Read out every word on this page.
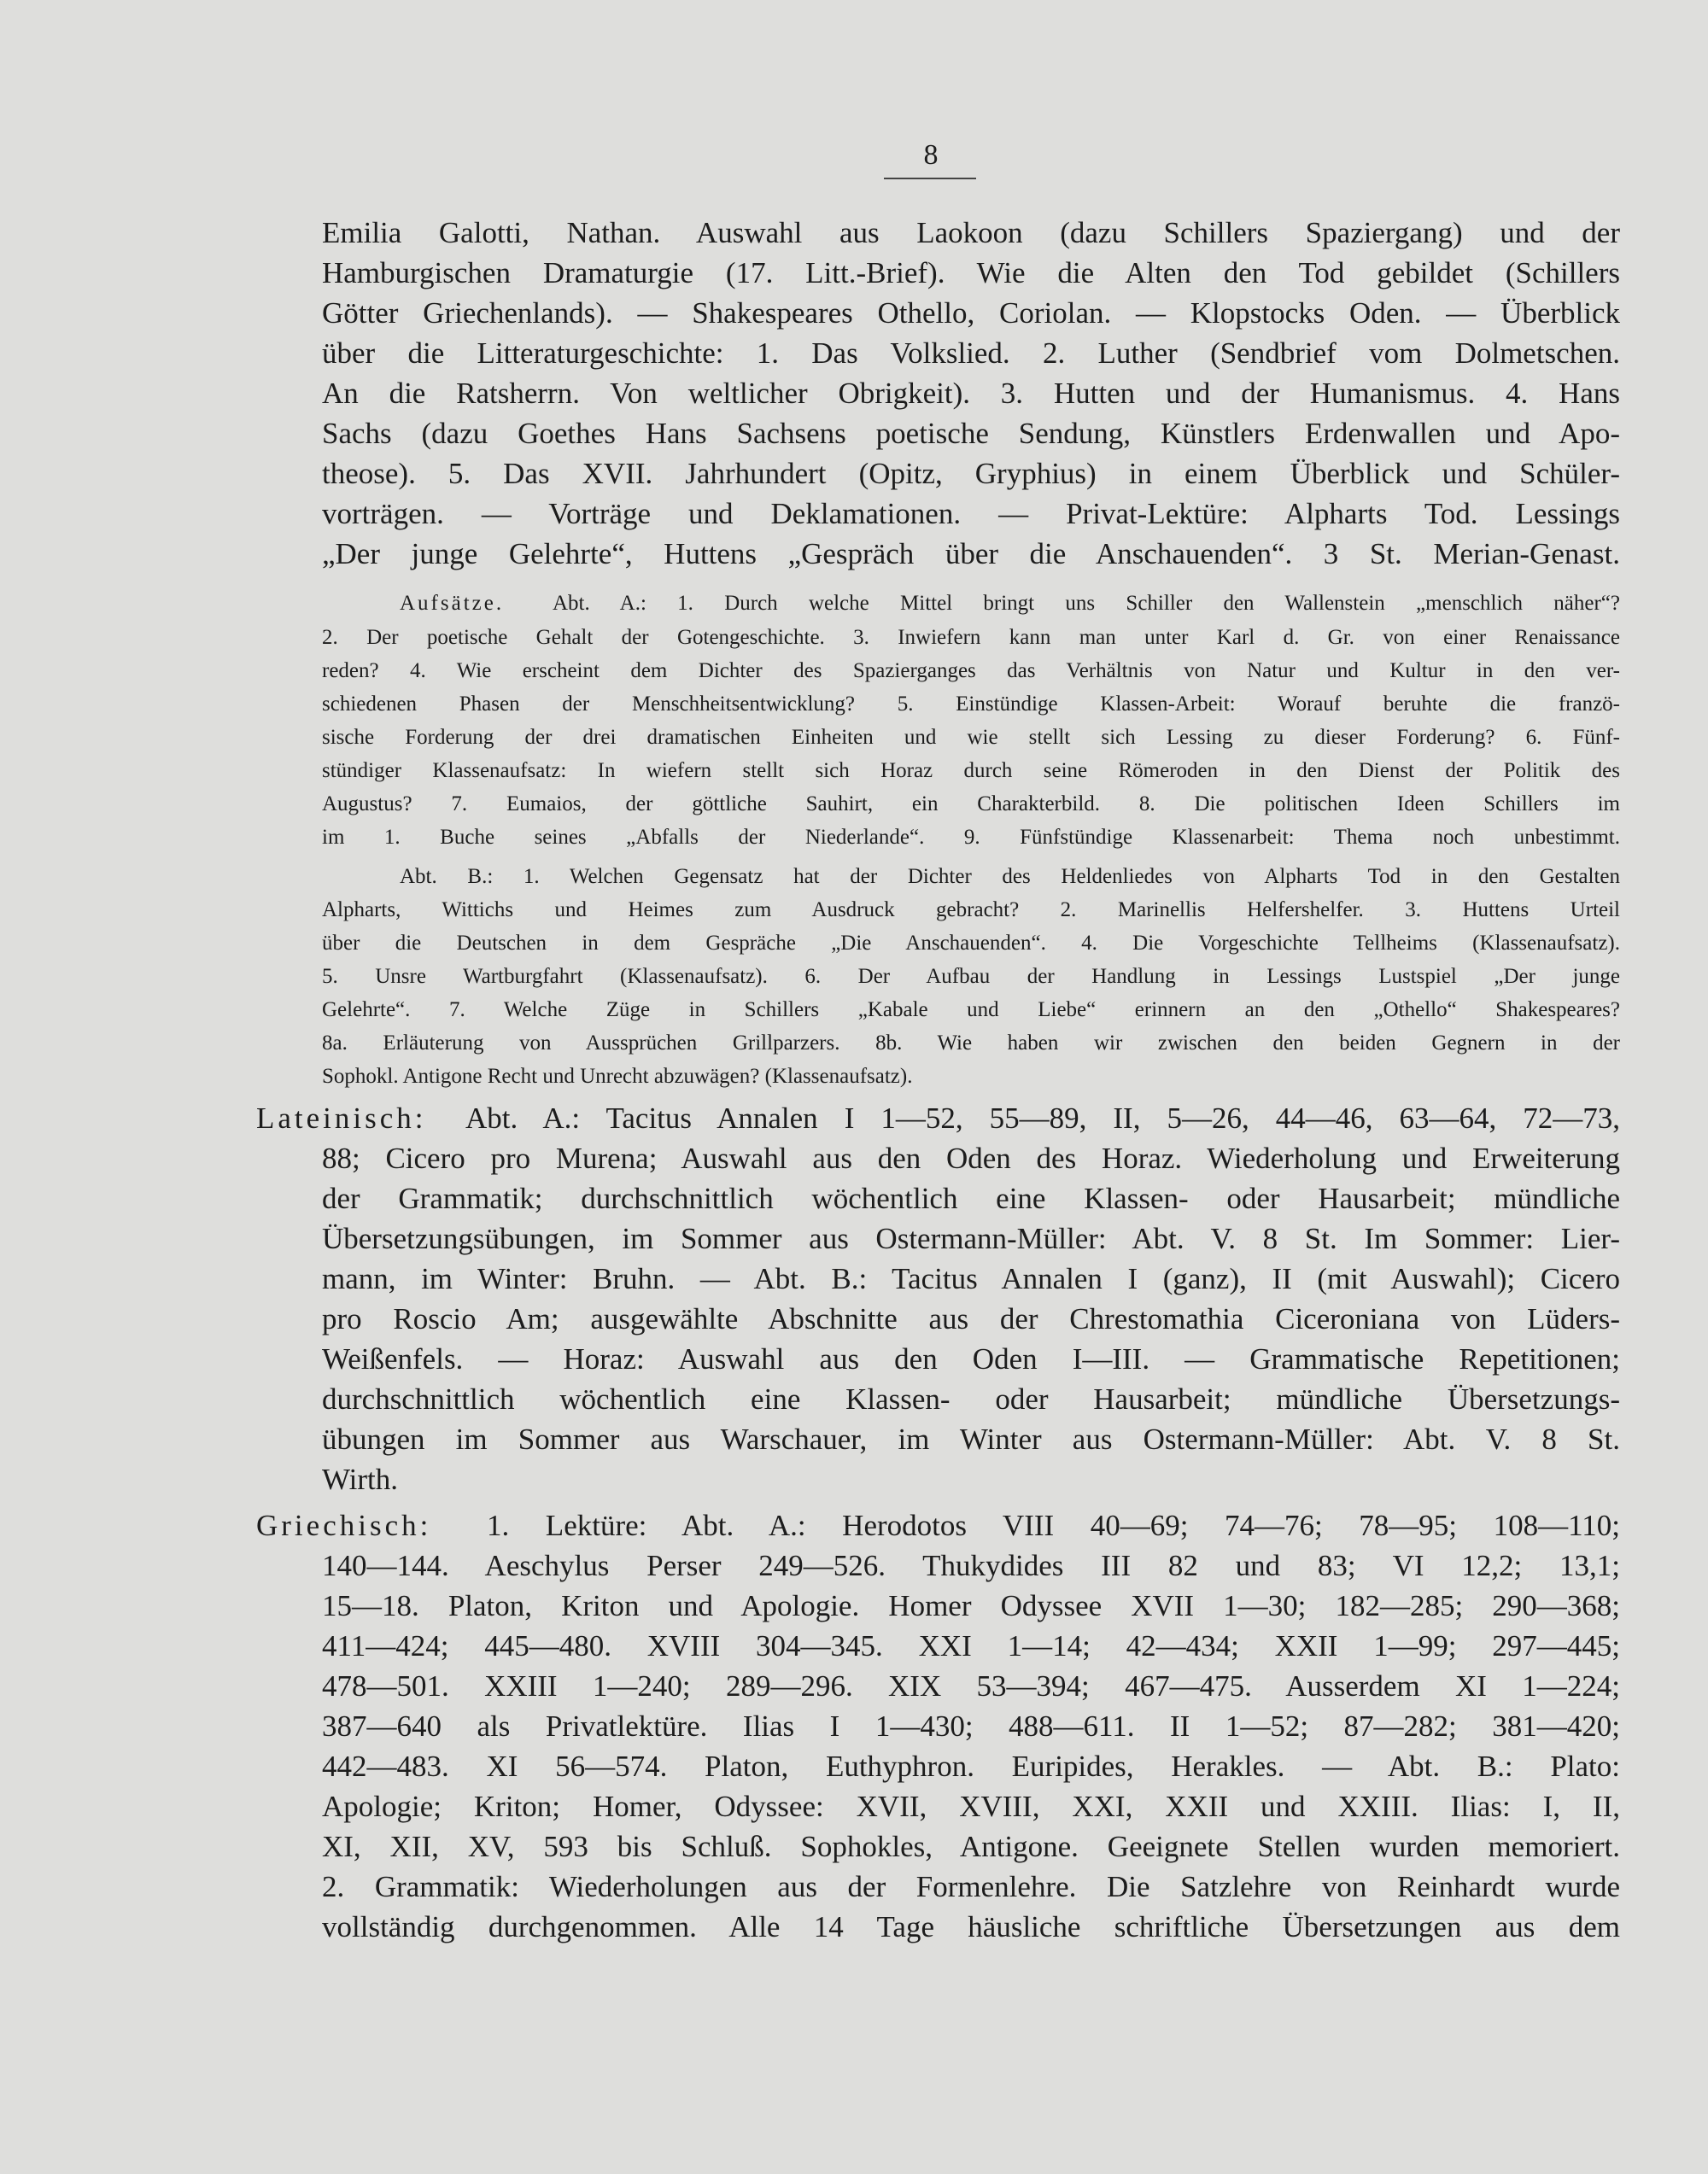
8
Emilia Galotti, Nathan. Auswahl aus Laokoon (dazu Schillers Spaziergang) und der
Hamburgischen Dramaturgie (17. Litt.-Brief). Wie die Alten den Tod gebildet (Schillers
Götter Griechenlands). — Shakespeares Othello, Coriolan. — Klopstocks Oden. — Überblick
über die Litteraturgeschichte: 1. Das Volkslied. 2. Luther (Sendbrief vom Dolmetschen.
An die Ratsherrn. Von weltlicher Obrigkeit). 3. Hutten und der Humanismus. 4. Hans
Sachs (dazu Goethes Hans Sachsens poetische Sendung, Künstlers Erdenwallen und Apo-
theose). 5. Das XVII. Jahrhundert (Opitz, Gryphius) in einem Überblick und Schüler-
vorträgen. — Vorträge und Deklamationen. — Privat-Lektüre: Alpharts Tod. Lessings
„Der junge Gelehrte“, Huttens „Gespräch über die Anschauenden“. 3 St. Merian-Genast.
Aufsätze. Abt. A.: 1. Durch welche Mittel bringt uns Schiller den Wallenstein „menschlich näher“?
2. Der poetische Gehalt der Gotengeschichte. 3. Inwiefern kann man unter Karl d. Gr. von einer Renaissance
reden? 4. Wie erscheint dem Dichter des Spazierganges das Verhältnis von Natur und Kultur in den ver-
schiedenen Phasen der Menschheitsentwicklung? 5. Einstündige Klassen-Arbeit: Worauf beruhte die franzö-
sische Forderung der drei dramatischen Einheiten und wie stellt sich Lessing zu dieser Forderung? 6. Fünf-
stündiger Klassenaufsatz: In wiefern stellt sich Horaz durch seine Römeroden in den Dienst der Politik des
Augustus? 7. Eumaios, der göttliche Sauhirt, ein Charakterbild. 8. Die politischen Ideen Schillers im
im 1. Buche seines „Abfalls der Niederlande“. 9. Fünfstündige Klassenarbeit: Thema noch unbestimmt.
Abt. B.: 1. Welchen Gegensatz hat der Dichter des Heldenliedes von Alpharts Tod in den Gestalten
Alpharts, Wittichs und Heimes zum Ausdruck gebracht? 2. Marinellis Helfershelfer. 3. Huttens Urteil
über die Deutschen in dem Gespräche „Die Anschauenden“. 4. Die Vorgeschichte Tellheims (Klassenaufsatz).
5. Unsre Wartburgfahrt (Klassenaufsatz). 6. Der Aufbau der Handlung in Lessings Lustspiel „Der junge
Gelehrte“. 7. Welche Züge in Schillers „Kabale und Liebe“ erinnern an den „Othello“ Shakespeares?
8a. Erläuterung von Aussprüchen Grillparzers. 8b. Wie haben wir zwischen den beiden Gegnern in der
Sophokl. Antigone Recht und Unrecht abzuwägen? (Klassenaufsatz).
Lateinisch: Abt. A.: Tacitus Annalen I 1—52, 55—89, II, 5—26, 44—46, 63—64, 72—73,
88; Cicero pro Murena; Auswahl aus den Oden des Horaz. Wiederholung und Erweiterung
der Grammatik; durchschnittlich wöchentlich eine Klassen- oder Hausarbeit; mündliche
Übersetzungsübungen, im Sommer aus Ostermann-Müller: Abt. V. 8 St. Im Sommer: Lier-
mann, im Winter: Bruhn. — Abt. B.: Tacitus Annalen I (ganz), II (mit Auswahl); Cicero
pro Roscio Am; ausgewählte Abschnitte aus der Chrestomathia Ciceroniana von Lüders-
Weißenfels. — Horaz: Auswahl aus den Oden I—III. — Grammatische Repetitionen;
durchschnittlich wöchentlich eine Klassen- oder Hausarbeit; mündliche Übersetzungs-
übungen im Sommer aus Warschauer, im Winter aus Ostermann-Müller: Abt. V. 8 St.
Wirth.
Griechisch: 1. Lektüre: Abt. A.: Herodotos VIII 40—69; 74—76; 78—95; 108—110;
140—144. Aeschylus Perser 249—526. Thukydides III 82 und 83; VI 12,2; 13,1;
15—18. Platon, Kriton und Apologie. Homer Odyssee XVII 1—30; 182—285; 290—368;
411—424; 445—480. XVIII 304—345. XXI 1—14; 42—434; XXII 1—99; 297—445;
478—501. XXIII 1—240; 289—296. XIX 53—394; 467—475. Ausserdem XI 1—224;
387—640 als Privatlektüre. Ilias I 1—430; 488—611. II 1—52; 87—282; 381—420;
442—483. XI 56—574. Platon, Euthyphron. Euripides, Herakles. — Abt. B.: Plato:
Apologie; Kriton; Homer, Odyssee: XVII, XVIII, XXI, XXII und XXIII. Ilias: I, II,
XI, XII, XV, 593 bis Schluß. Sophokles, Antigone. Geeignete Stellen wurden memoriert.
2. Grammatik: Wiederholungen aus der Formenlehre. Die Satzlehre von Reinhardt wurde
vollständig durchgenommen. Alle 14 Tage häusliche schriftliche Übersetzungen aus dem
